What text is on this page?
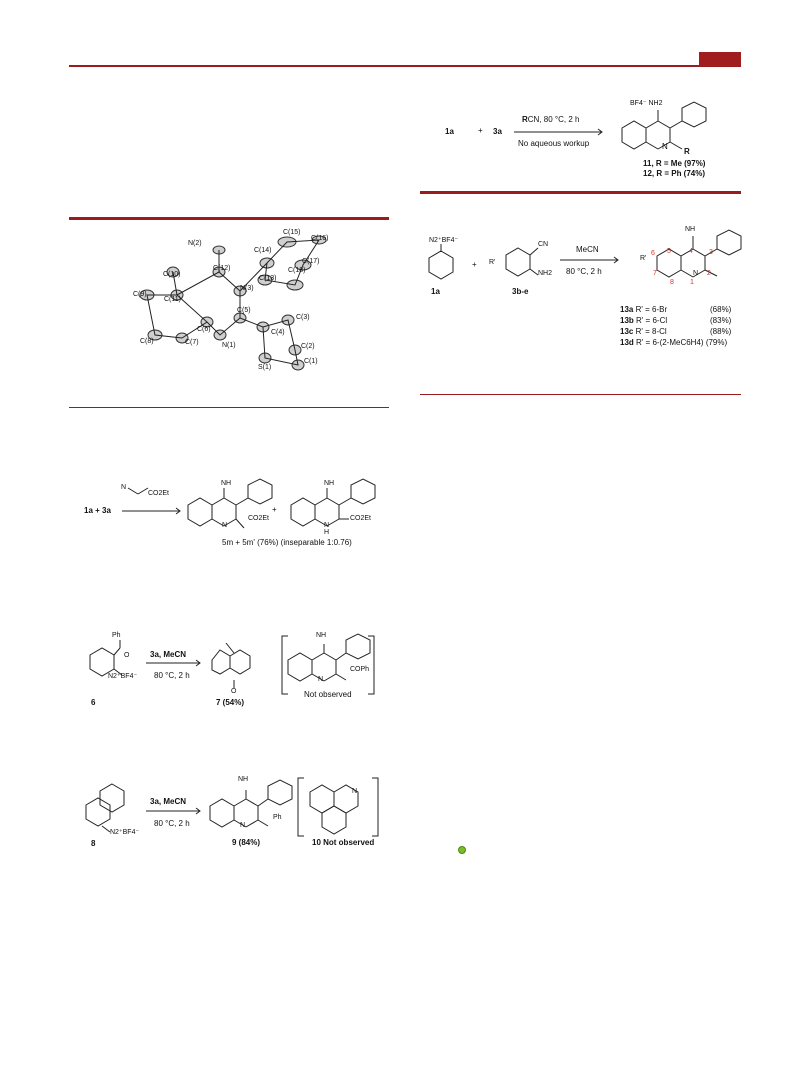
1a	+ 3a
RCN, 80 °C, 2 h
No aqueous workup
BF4⁻ NH2
N
R
11, R = Me (97%)
12, R = Ph (74%)
N(2)
C(15)
C(16)
C(14)
C(12)
C(17)
C(13)
C(18)
C(10)
N(3)
C(9)
C(11)
C(5)
C(3)
C(4)
C(6)
N(1)
C(8)	C(7)
C(2)
S(1)
C(1)
N2⁺BF4⁻
1a
+ R'
CN
NH2
3b-e
MeCN
80 °C, 2 h
R'
NH
N
5
6	4 3
7
8 1
2
13a R' = 6-Br	(68%)
13b R' = 6-Cl	(83%)
13c R' = 8-Cl	(88%)
13d R' = 6-(2-MeC6H4) (79%)
1a + 3a
N
CO2Et
NH
N
CO2Et
+
NH
N
H
CO2Et
5m + 5m' (76%) (inseparable 1:0.76)
Ph
O
N2⁺BF4⁻
6
3a, MeCN
80 °C, 2 h
O
7 (54%)
NH
N
COPh
Not observed
N2⁺BF4⁻
8
3a, MeCN
80 °C, 2 h
NH
N
Ph
9 (84%)
N
10 Not observed
